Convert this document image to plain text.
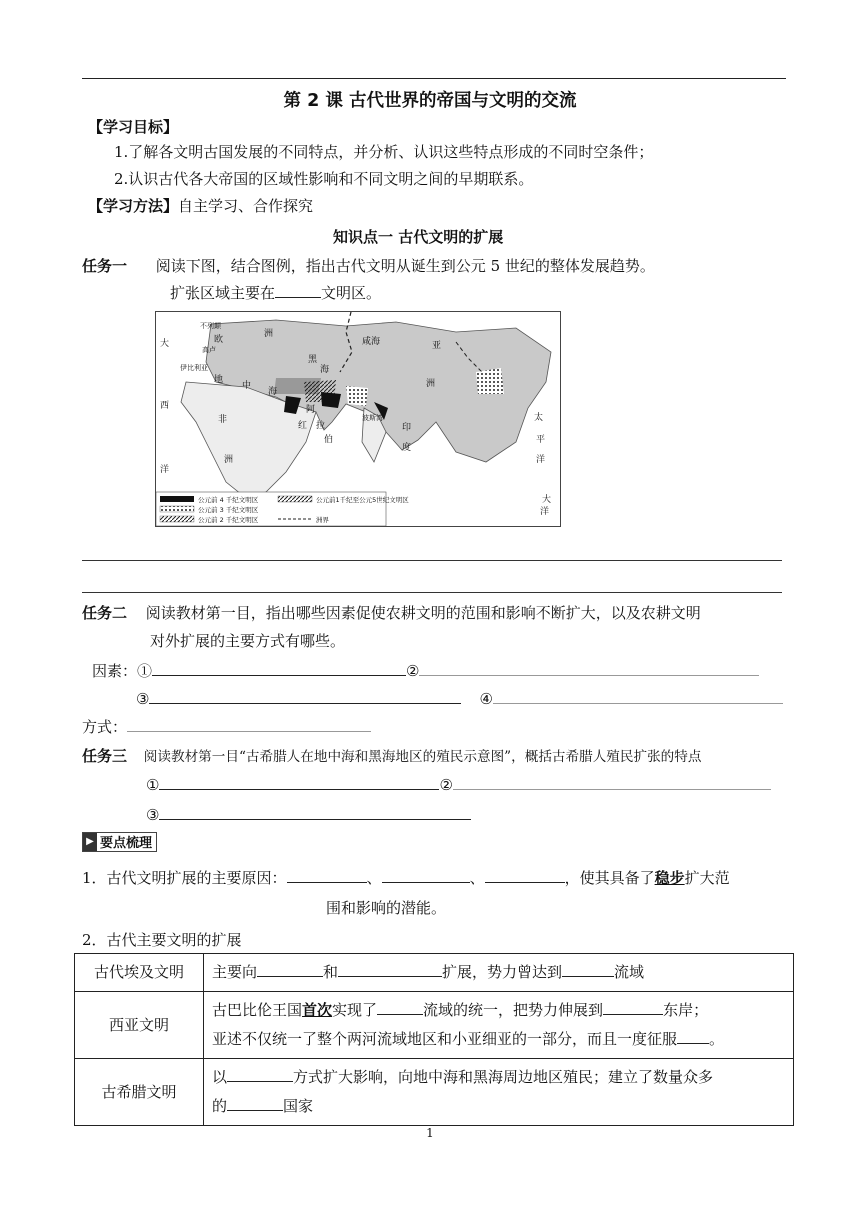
第 2 课 古代世界的帝国与文明的交流
【学习目标】
1.了解各文明古国发展的不同特点，并分析、认识这些特点形成的不同时空条件；
2.认识古代各大帝国的区域性影响和不同文明之间的早期联系。
【学习方法】自主学习、合作探究
知识点一 古代文明的扩展
任务一 阅读下图，结合图例，指出古代文明从诞生到公元 5 世纪的整体发展趋势。
扩张区域主要在	文明区。
大
西
洋
欧
洲
亚
洲
太
平
洋
非
洲
伊比利亚
地
中
海
黑
海
咸海
阿
拉
伯
红	印
度
大
洋
不列颠
高卢
波斯湾
公元前 4 千纪文明区
公元前 3 千纪文明区
公元前 2 千纪文明区
公元前1千纪至公元5世纪文明区
洲界
任务二 阅读教材第一目，指出哪些因素促使农耕文明的范围和影响不断扩大，以及农耕文明
对外扩展的主要方式有哪些。
因素：①	②
③	④
方式：
任务三 阅读教材第一目“古希腊人在地中海和黑海地区的殖民示意图”，概括古希腊人殖民扩张的特点
①	②
③
▶ 要点梳理
1．古代文明扩展的主要原因：	、	、	，使其具备了稳步扩大范
围和影响的潜能。
2．古代主要文明的扩展
古代埃及文明	主要向 和 扩展，势力曾达到 流域
西亚文明	古巴比伦王国首次实现了 流域的统一，把势力伸展到 东岸；
亚述不仅统一了整个两河流域地区和小亚细亚的一部分，而且一度征服 。

古希腊文明	以 方式扩大影响，向地中海和黑海周边地区殖民；建立了数量众多
的 国家
1
